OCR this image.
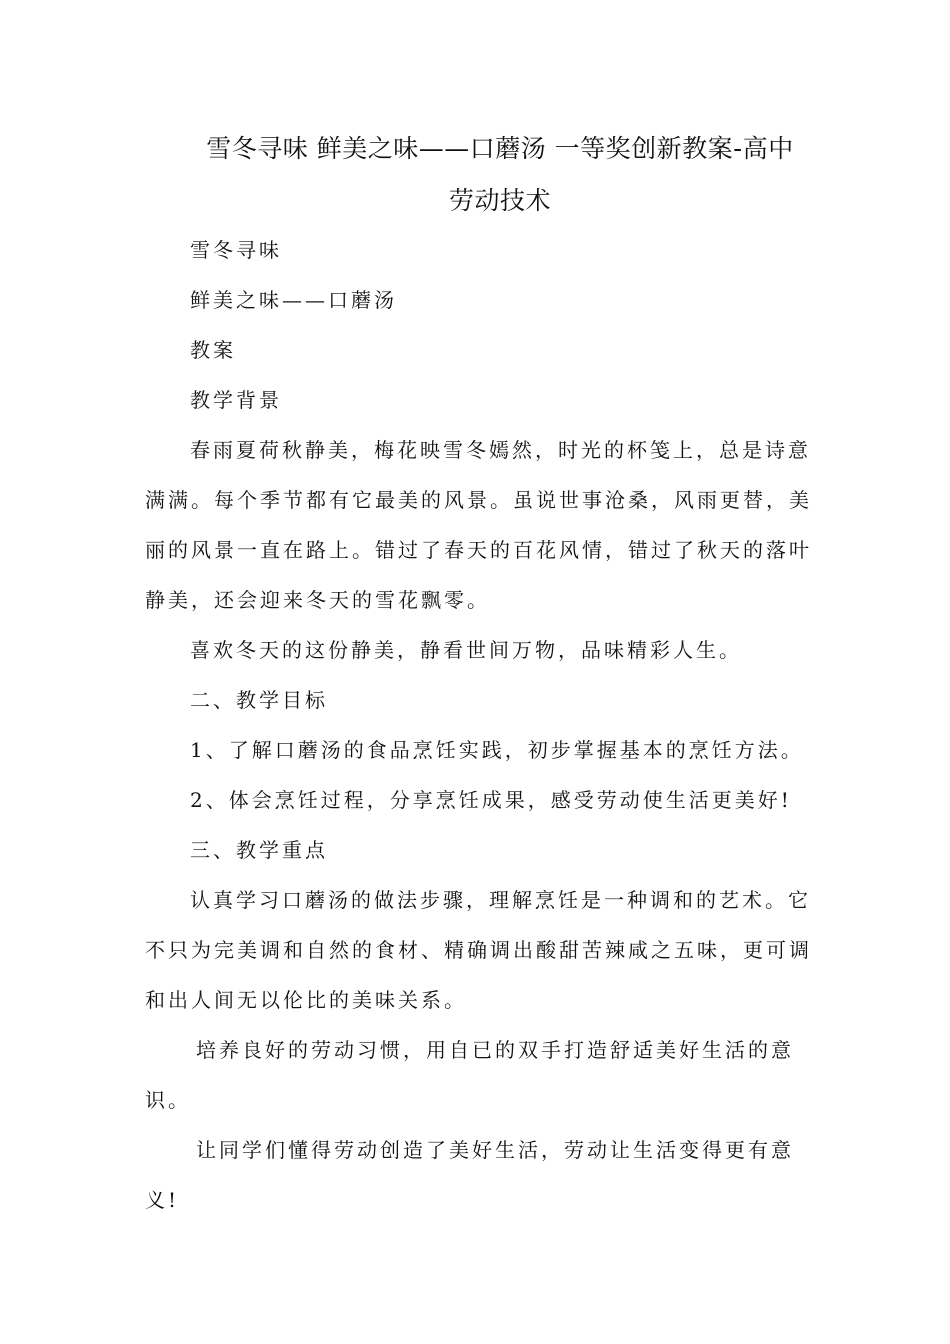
雪冬寻味 鲜美之味——口蘑汤 一等奖创新教案-高中
劳动技术
雪冬寻味
鲜美之味——口蘑汤
教案
教学背景
春雨夏荷秋静美，梅花映雪冬嫣然，时光的杯笺上，总是诗意
满满。每个季节都有它最美的风景。虽说世事沧桑，风雨更替，美
丽的风景一直在路上。错过了春天的百花风情，错过了秋天的落叶
静美，还会迎来冬天的雪花飘零。
喜欢冬天的这份静美，静看世间万物，品味精彩人生。
二、教学目标
1、了解口蘑汤的食品烹饪实践，初步掌握基本的烹饪方法。
2、体会烹饪过程，分享烹饪成果，感受劳动使生活更美好!
三、教学重点
认真学习口蘑汤的做法步骤，理解烹饪是一种调和的艺术。它
不只为完美调和自然的食材、精确调出酸甜苦辣咸之五味，更可调
和出人间无以伦比的美味关系。
培养良好的劳动习惯，用自已的双手打造舒适美好生活的意
识。
让同学们懂得劳动创造了美好生活，劳动让生活变得更有意
义!
